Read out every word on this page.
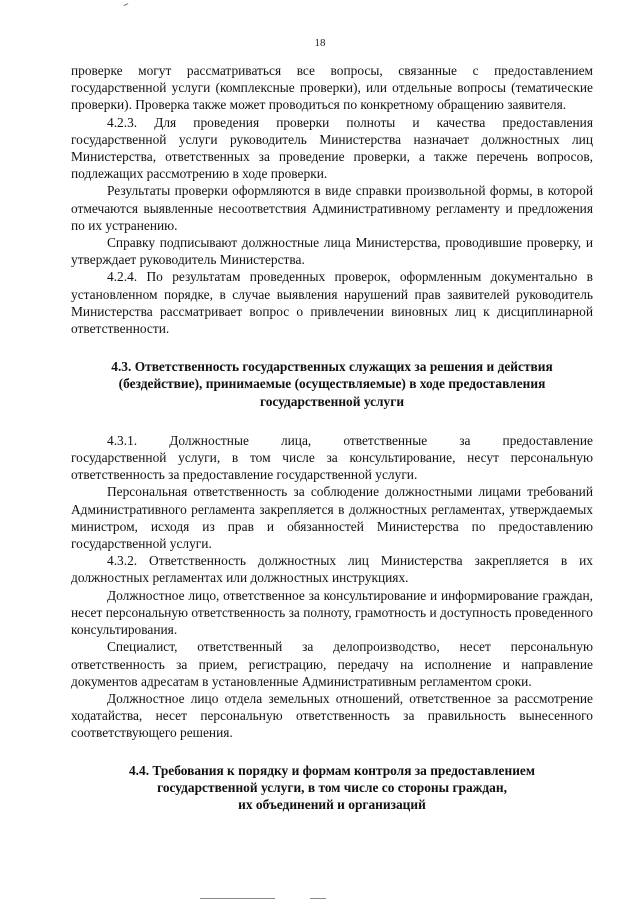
18

проверке могут рассматриваться все вопросы, связанные с предоставлением государственной услуги (комплексные проверки), или отдельные вопросы (тематические проверки). Проверка также может проводиться по конкретному обращению заявителя.

4.2.3. Для проведения проверки полноты и качества предоставления государственной услуги руководитель Министерства назначает должностных лиц Министерства, ответственных за проведение проверки, а также перечень вопросов, подлежащих рассмотрению в ходе проверки.

Результаты проверки оформляются в виде справки произвольной формы, в которой отмечаются выявленные несоответствия Административному регламенту и предложения по их устранению.

Справку подписывают должностные лица Министерства, проводившие проверку, и утверждает руководитель Министерства.

4.2.4. По результатам проведенных проверок, оформленным документально в установленном порядке, в случае выявления нарушений прав заявителей руководитель Министерства рассматривает вопрос о привлечении виновных лиц к дисциплинарной ответственности.

4.3. Ответственность государственных служащих за решения и действия
(бездействие), принимаемые (осуществляемые) в ходе предоставления
государственной услуги
4.3.1. Должностные лица, ответственные за предоставление

государственной услуги, в том числе за консультирование, несут персональную ответственность за предоставление государственной услуги.

Персональная ответственность за соблюдение должностными лицами требований Административного регламента закрепляется в должностных регламентах, утверждаемых министром, исходя из прав и обязанностей Министерства по предоставлению государственной услуги.

4.3.2. Ответственность должностных лиц Министерства закрепляется в их должностных регламентах или должностных инструкциях.

Должностное лицо, ответственное за консультирование и информирование граждан, несет персональную ответственность за полноту, грамотность и доступность проведенного консультирования.

Специалист, ответственный за делопроизводство, несет персональную ответственность за прием, регистрацию, передачу на исполнение и направление документов адресатам в установленные Административным регламентом сроки.

Должностное лицо отдела земельных отношений, ответственное за рассмотрение ходатайства, несет персональную ответственность за правильность вынесенного соответствующего решения.

4.4. Требования к порядку и формам контроля за предоставлением
государственной услуги, в том числе со стороны граждан,
их объединений и организаций
